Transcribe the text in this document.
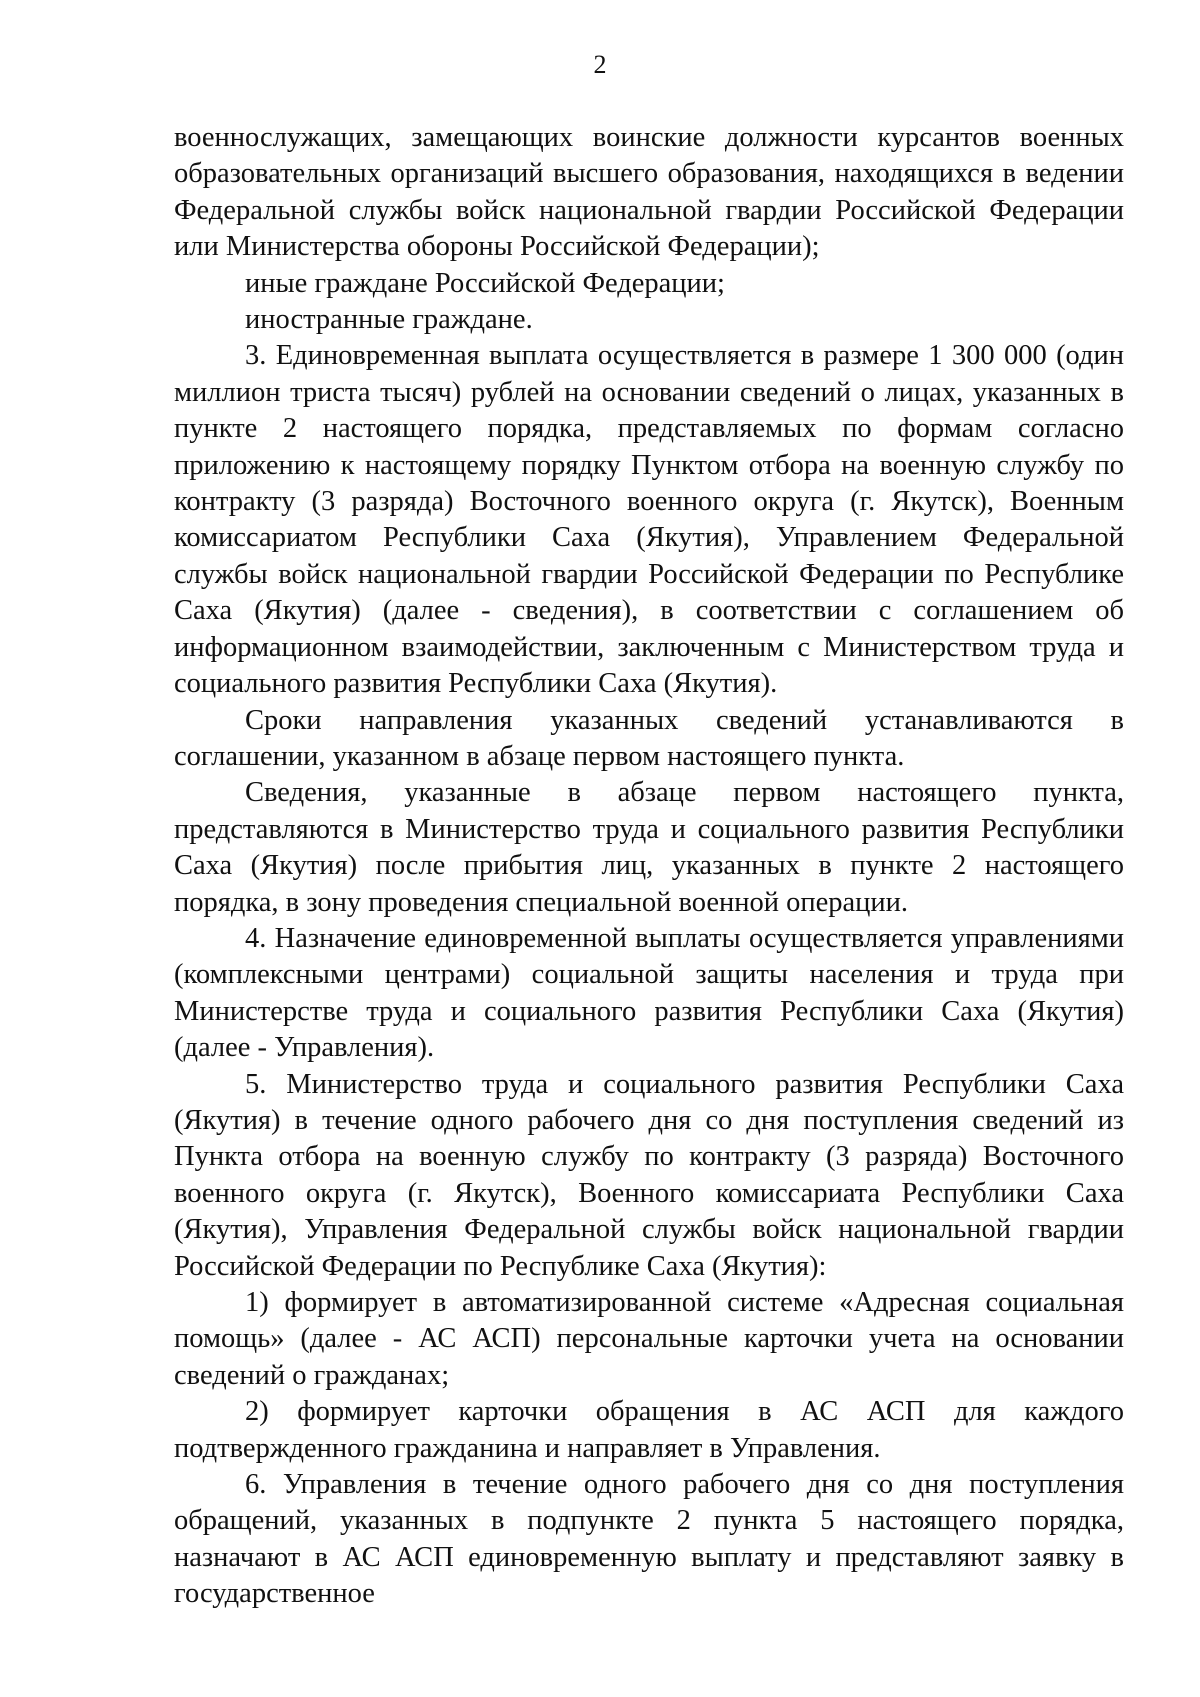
2

военнослужащих, замещающих воинские должности курсантов военных образовательных организаций высшего образования, находящихся в ведении Федеральной службы войск национальной гвардии Российской Федерации или Министерства обороны Российской Федерации);

иные граждане Российской Федерации;

иностранные граждане.

3. Единовременная выплата осуществляется в размере 1 300 000 (один миллион триста тысяч) рублей на основании сведений о лицах, указанных в пункте 2 настоящего порядка, представляемых по формам согласно приложению к настоящему порядку Пунктом отбора на военную службу по контракту (3 разряда) Восточного военного округа (г. Якутск), Военным комиссариатом Республики Саха (Якутия), Управлением Федеральной службы войск национальной гвардии Российской Федерации по Республике Саха (Якутия) (далее - сведения), в соответствии с соглашением об информационном взаимодействии, заключенным с Министерством труда и социального развития Республики Саха (Якутия).

Сроки направления указанных сведений устанавливаются в соглашении, указанном в абзаце первом настоящего пункта.

Сведения, указанные в абзаце первом настоящего пункта, представляются в Министерство труда и социального развития Республики Саха (Якутия) после прибытия лиц, указанных в пункте 2 настоящего порядка, в зону проведения специальной военной операции.

4. Назначение единовременной выплаты осуществляется управлениями (комплексными центрами) социальной защиты населения и труда при Министерстве труда и социального развития Республики Саха (Якутия) (далее - Управления).

5. Министерство труда и социального развития Республики Саха (Якутия) в течение одного рабочего дня со дня поступления сведений из Пункта отбора на военную службу по контракту (3 разряда) Восточного военного округа (г. Якутск), Военного комиссариата Республики Саха (Якутия), Управления Федеральной службы войск национальной гвардии Российской Федерации по Республике Саха (Якутия):

1) формирует в автоматизированной системе «Адресная социальная помощь» (далее - АС АСП) персональные карточки учета на основании сведений о гражданах;

2) формирует карточки обращения в АС АСП для каждого подтвержденного гражданина и направляет в Управления.

6. Управления в течение одного рабочего дня со дня поступления обращений, указанных в подпункте 2 пункта 5 настоящего порядка, назначают в АС АСП единовременную выплату и представляют заявку в государственное
